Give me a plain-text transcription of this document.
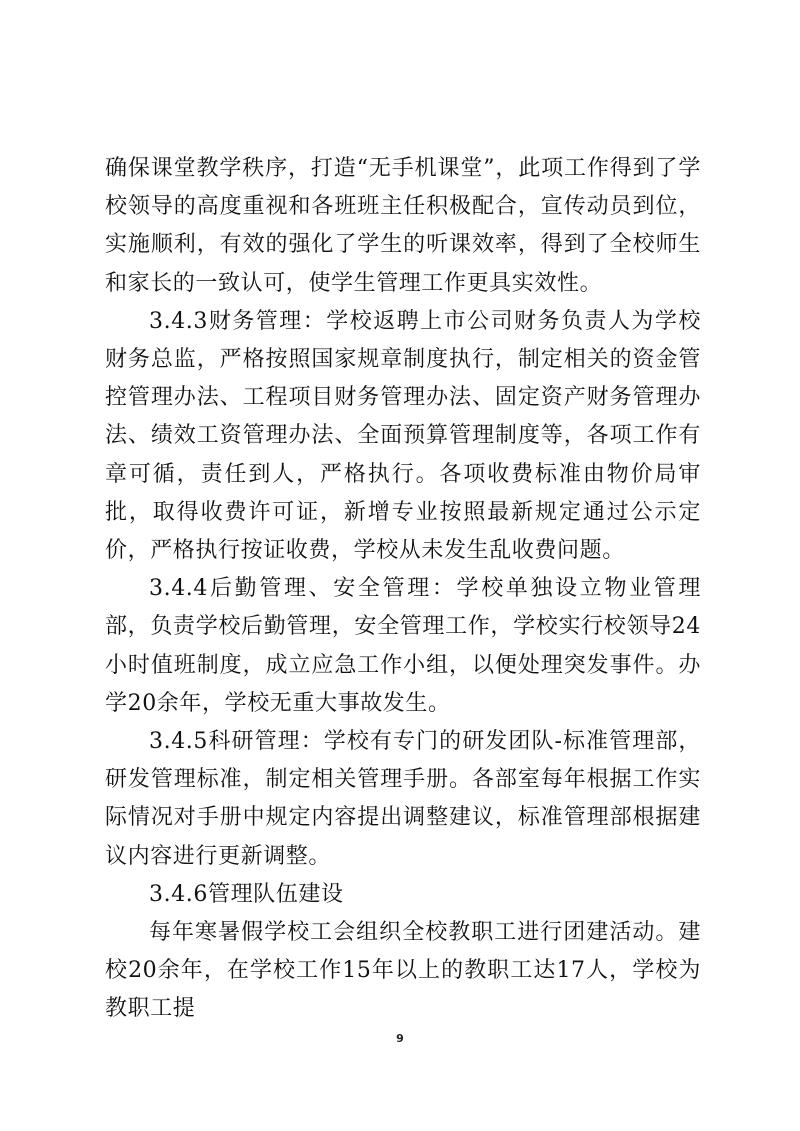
确保课堂教学秩序，打造“无手机课堂”，此项工作得到了学校领导的高度重视和各班班主任积极配合，宣传动员到位，实施顺利，有效的强化了学生的听课效率，得到了全校师生和家长的一致认可，使学生管理工作更具实效性。

3.4.3财务管理：学校返聘上市公司财务负责人为学校财务总监，严格按照国家规章制度执行，制定相关的资金管控管理办法、工程项目财务管理办法、固定资产财务管理办法、绩效工资管理办法、全面预算管理制度等，各项工作有章可循，责任到人，严格执行。各项收费标准由物价局审批，取得收费许可证，新增专业按照最新规定通过公示定价，严格执行按证收费，学校从未发生乱收费问题。

3.4.4后勤管理、安全管理：学校单独设立物业管理部，负责学校后勤管理，安全管理工作，学校实行校领导24小时值班制度，成立应急工作小组，以便处理突发事件。办学20余年，学校无重大事故发生。

3.4.5科研管理：学校有专门的研发团队-标准管理部，研发管理标准，制定相关管理手册。各部室每年根据工作实际情况对手册中规定内容提出调整建议，标准管理部根据建议内容进行更新调整。

3.4.6管理队伍建设

每年寒暑假学校工会组织全校教职工进行团建活动。建校20余年，在学校工作15年以上的教职工达17人，学校为教职工提

9
